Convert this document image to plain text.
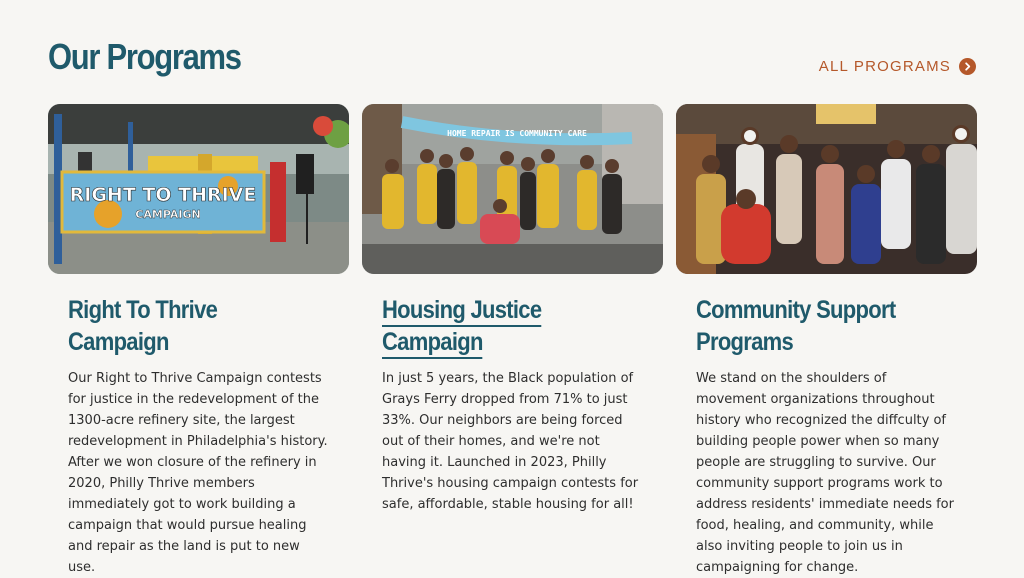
Our Programs	ALL PROGRAMS
RIGHT TO THRIVE
CAMPAIGN
Right To Thrive Campaign

Our Right to Thrive Campaign contests for justice in the redevelopment of the 1300-acre refinery site, the largest redevelopment in Philadelphia's history. After we won closure of the refinery in 2020, Philly Thrive members immediately got to work building a campaign that would pursue healing and repair as the land is put to new use.

HOME REPAIR IS COMMUNITY CARE
Housing Justice Campaign

In just 5 years, the Black population of Grays Ferry dropped from 71% to just 33%. Our neighbors are being forced out of their homes, and we're not having it. Launched in 2023, Philly Thrive's housing campaign contests for safe, affordable, stable housing for all!

Community Support Programs

We stand on the shoulders of movement organizations throughout history who recognized the diffculty of building people power when so many people are struggling to survive. Our community support programs work to address residents' immediate needs for food, healing, and community, while also inviting people to join us in campaigning for change.
